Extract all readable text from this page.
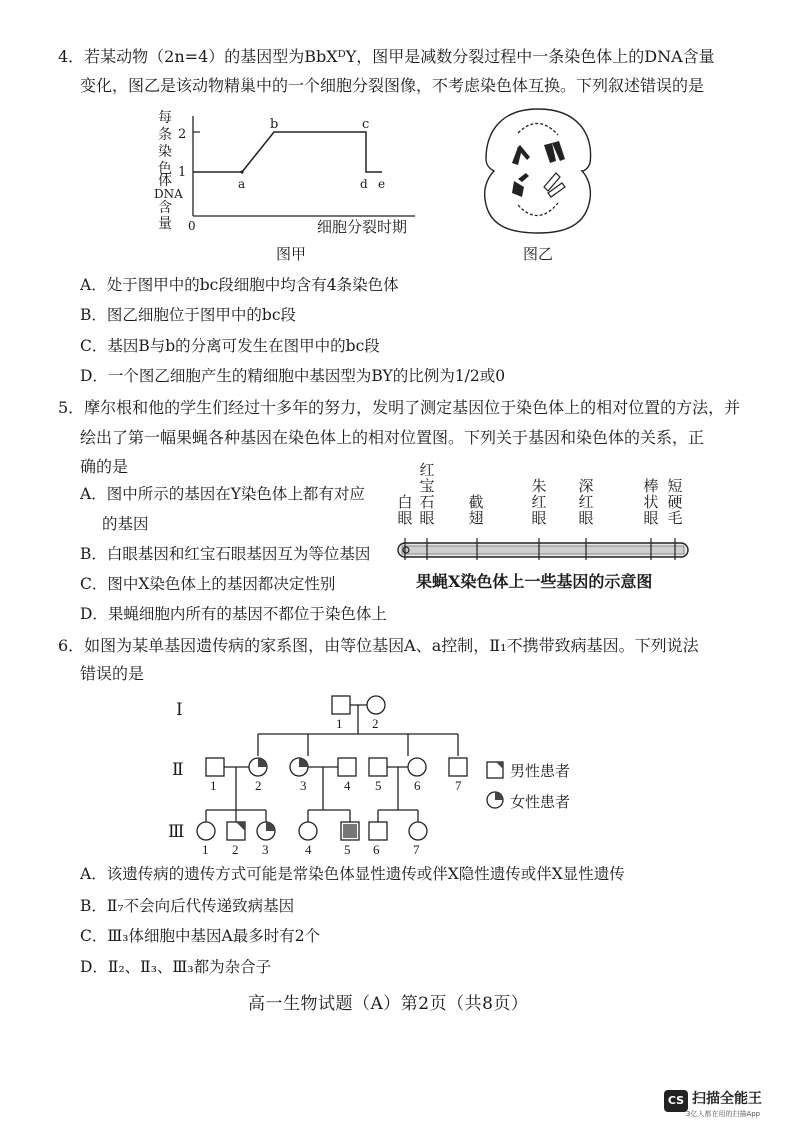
4．若某动物（2n=4）的基因型为BbXᴰY，图甲是减数分裂过程中一条染色体上的DNA含量
变化，图乙是该动物精巢中的一个细胞分裂图像，不考虑染色体互换。下列叙述错误的是
每
条
染
色
体
DNA
含
量
2
1
0
a
b	c
d e
细胞分裂时期
图甲	图乙
A．处于图甲中的bc段细胞中均含有4条染色体
B．图乙细胞位于图甲中的bc段
C．基因B与b的分离可发生在图甲中的bc段
D．一个图乙细胞产生的精细胞中基因型为BY的比例为1/2或0
5．摩尔根和他的学生们经过十多年的努力，发明了测定基因位于染色体上的相对位置的方法，并
绘出了第一幅果蝇各种基因在染色体上的相对位置图。下列关于基因和染色体的关系，正
确的是
白眼
红宝石眼
截翅
朱红眼
深红眼
棒状眼
短硬毛
果蝇X染色体上一些基因的示意图
A．图中所示的基因在Y染色体上都有对应
的基因
B．白眼基因和红宝石眼基因互为等位基因
C．图中X染色体上的基因都决定性别
D．果蝇细胞内所有的基因不都位于染色体上
6．如图为某单基因遗传病的家系图，由等位基因A、a控制，Ⅱ₁不携带致病基因。下列说法
错误的是
Ⅰ
Ⅱ
Ⅲ
1 2
1	2	3	4 5	6	7
1 2 3	4	5 6	7
男性患者
女性患者
A．该遗传病的遗传方式可能是常染色体显性遗传或伴X隐性遗传或伴X显性遗传
B．Ⅱ₇不会向后代传递致病基因
C．Ⅲ₃体细胞中基因A最多时有2个
D．Ⅱ₂、Ⅱ₃、Ⅲ₃都为杂合子
高一生物试题（A）第2页（共8页）
CS 扫描全能王
3亿人都在用的扫描App
